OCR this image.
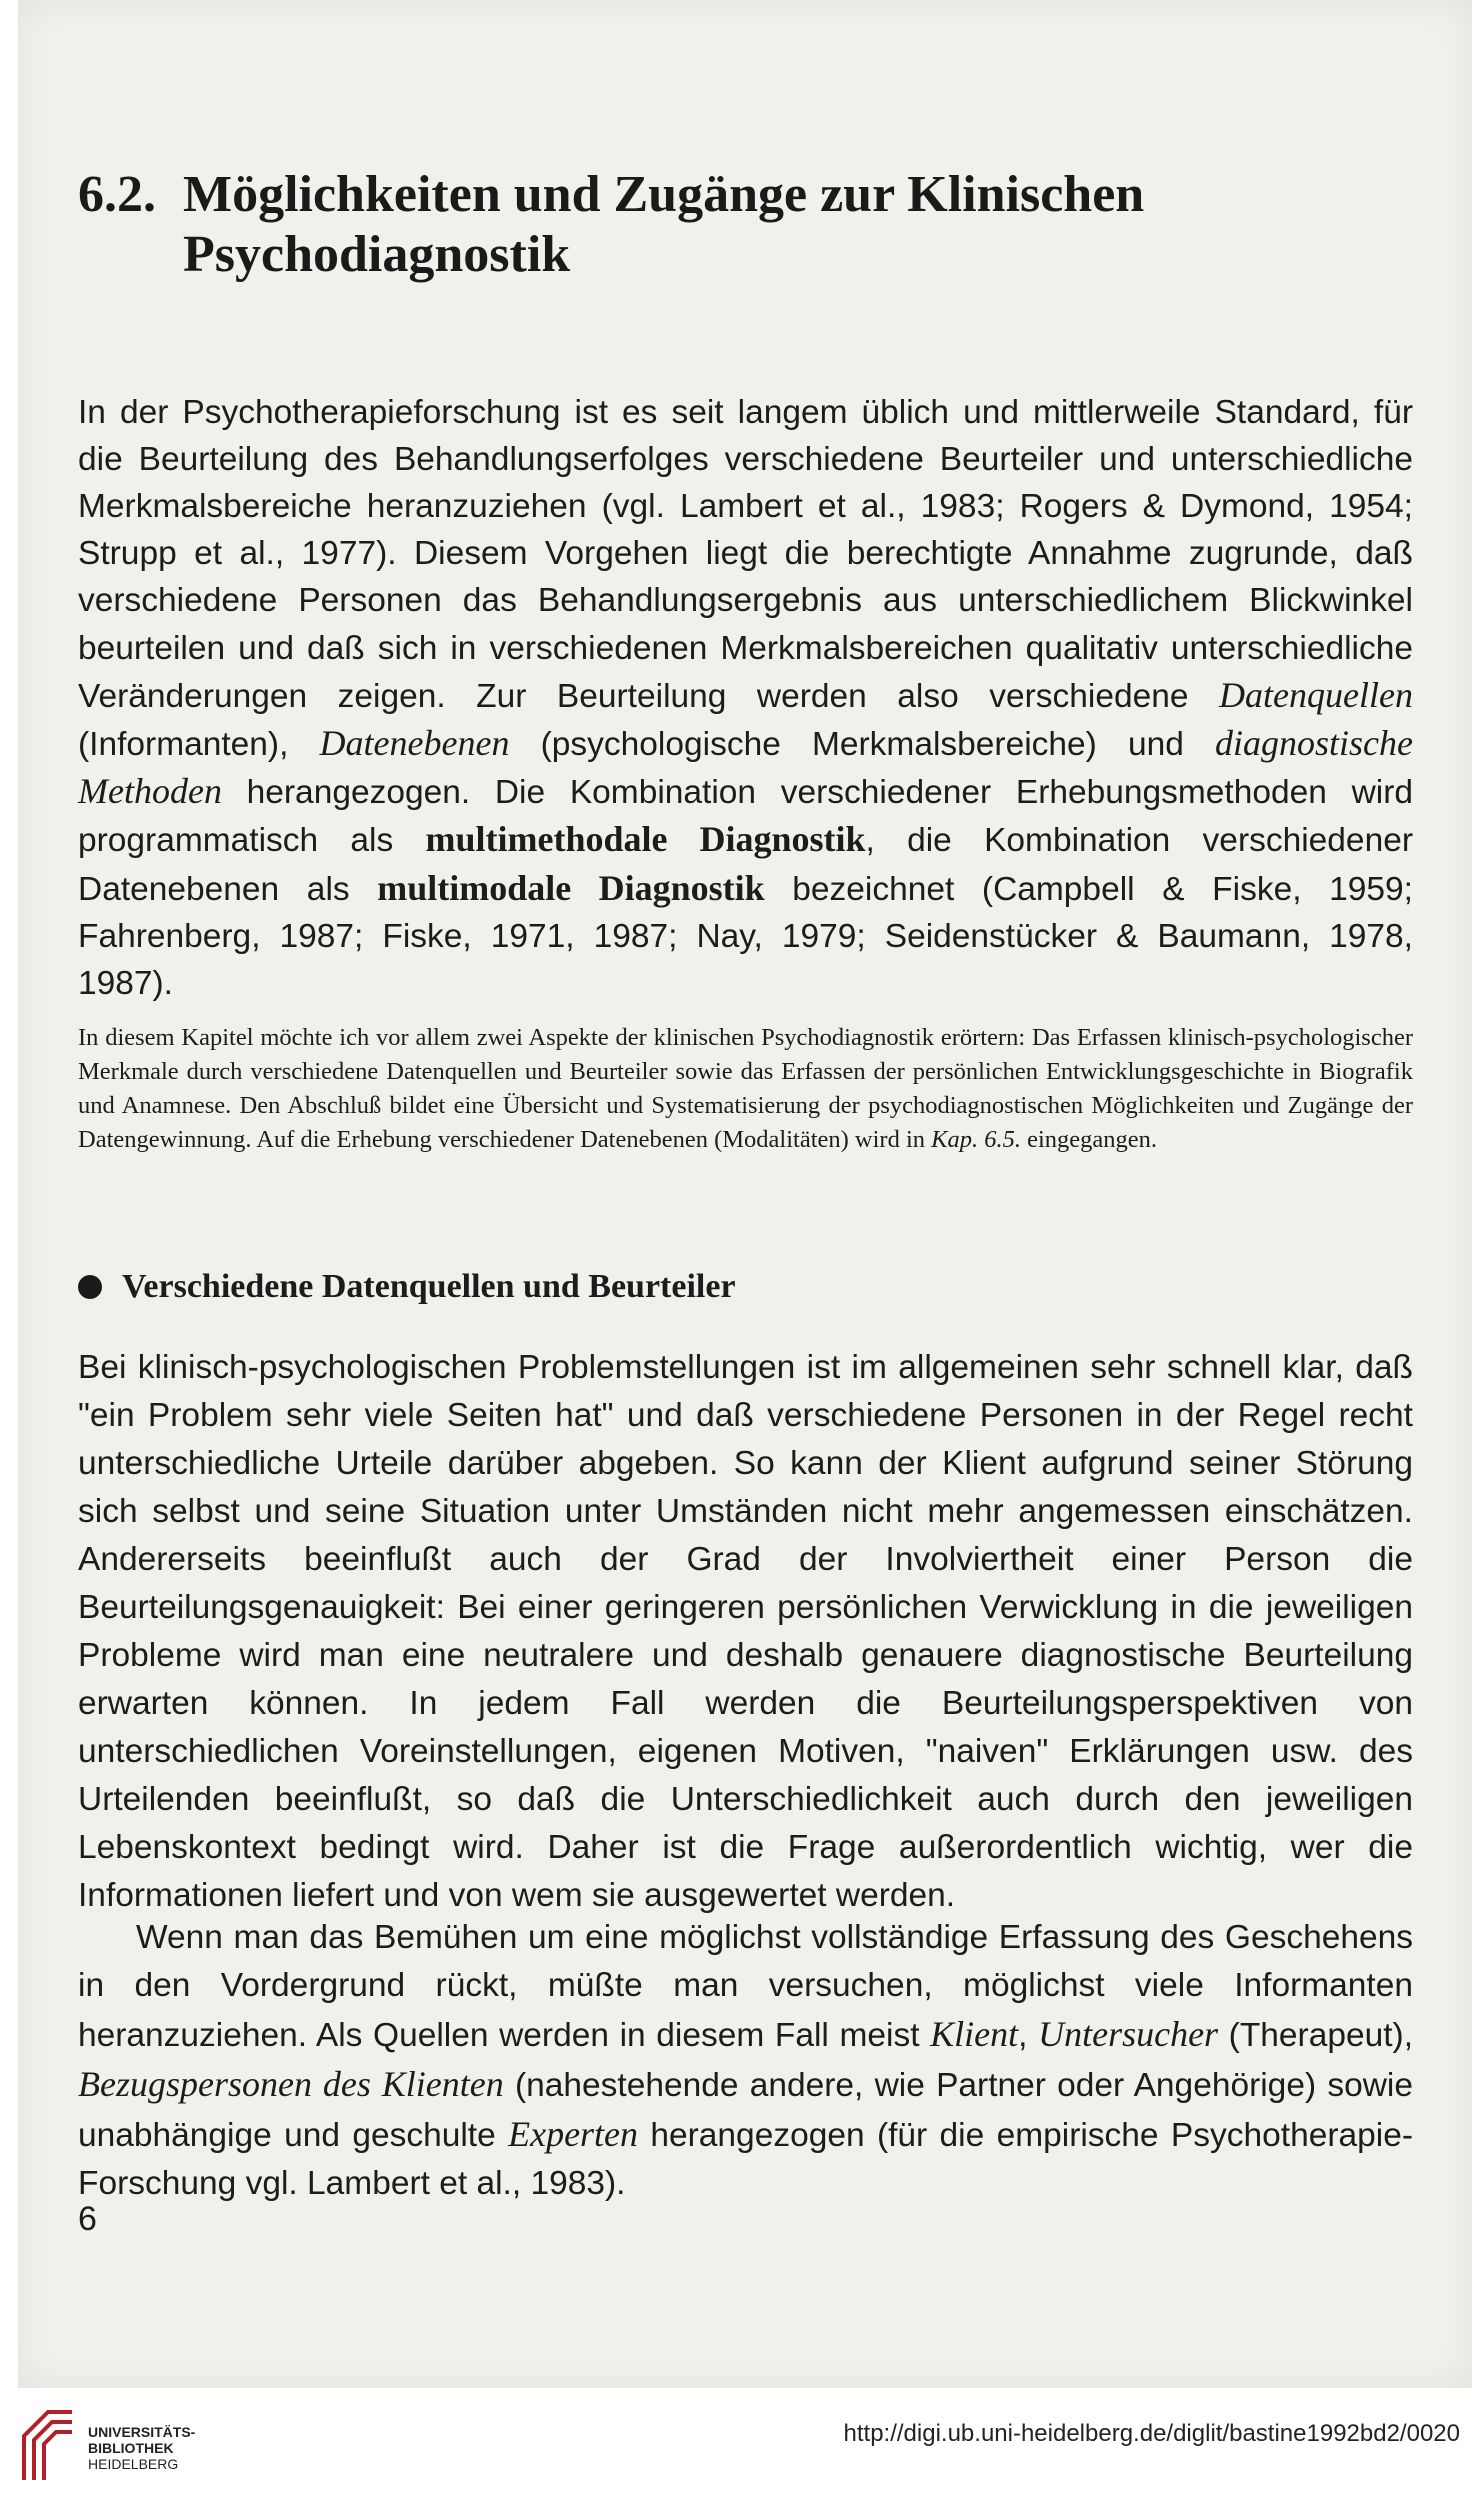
6.2. Möglichkeiten und Zugänge zur Klinischen
Psychodiagnostik

In der Psychotherapieforschung ist es seit langem üblich und mittlerweile Standard, für die Beurteilung des Behandlungserfolges verschiedene Beurteiler und unterschiedliche Merkmalsbereiche heranzuziehen (vgl. Lambert et al., 1983; Rogers & Dymond, 1954; Strupp et al., 1977). Diesem Vorgehen liegt die berechtigte Annahme zugrunde, daß verschiedene Personen das Behandlungsergebnis aus unterschiedlichem Blickwinkel beurteilen und daß sich in verschiedenen Merkmalsbereichen qualitativ unterschiedliche Veränderungen zeigen. Zur Beurteilung werden also verschiedene Datenquellen (Informanten), Datenebenen (psychologische Merkmalsbereiche) und diagnostische Methoden herangezogen. Die Kombination verschiedener Erhebungsmethoden wird programmatisch als multimethodale Diagnostik, die Kombination verschiedener Datenebenen als multimodale Diagnostik bezeichnet (Campbell & Fiske, 1959; Fahrenberg, 1987; Fiske, 1971, 1987; Nay, 1979; Seidenstücker & Baumann, 1978, 1987).

In diesem Kapitel möchte ich vor allem zwei Aspekte der klinischen Psychodiagnostik erörtern: Das Erfassen klinisch-psychologischer Merkmale durch verschiedene Datenquellen und Beurteiler sowie das Erfassen der persönlichen Entwicklungsgeschichte in Biografik und Anamnese. Den Abschluß bildet eine Übersicht und Systematisierung der psychodiagnostischen Möglichkeiten und Zugänge der Datengewinnung. Auf die Erhebung verschiedener Datenebenen (Modalitäten) wird in Kap. 6.5. eingegangen.

Verschiedene Datenquellen und Beurteiler

Bei klinisch-psychologischen Problemstellungen ist im allgemeinen sehr schnell klar, daß "ein Problem sehr viele Seiten hat" und daß verschiedene Personen in der Regel recht unterschiedliche Urteile darüber abgeben. So kann der Klient aufgrund seiner Störung sich selbst und seine Situation unter Umständen nicht mehr angemessen einschätzen. Andererseits beeinflußt auch der Grad der Involviertheit einer Person die Beurteilungsgenauigkeit: Bei einer geringeren persönlichen Verwicklung in die jeweiligen Probleme wird man eine neutralere und deshalb genauere diagnostische Beurteilung erwarten können. In jedem Fall werden die Beurteilungsperspektiven von unterschiedlichen Voreinstellungen, eigenen Motiven, "naiven" Erklärungen usw. des Urteilenden beeinflußt, so daß die Unterschiedlichkeit auch durch den jeweiligen Lebenskontext bedingt wird. Daher ist die Frage außerordentlich wichtig, wer die Informationen liefert und von wem sie ausgewertet werden.

Wenn man das Bemühen um eine möglichst vollständige Erfassung des Geschehens in den Vordergrund rückt, müßte man versuchen, möglichst viele Informanten heranzuziehen. Als Quellen werden in diesem Fall meist Klient, Untersucher (Therapeut), Bezugspersonen des Klienten (nahestehende andere, wie Partner oder Angehörige) sowie unabhängige und geschulte Experten herangezogen (für die empirische Psychotherapie-Forschung vgl. Lambert et al., 1983).

6
UNIVERSITÄTS-
BIBLIOTHEK
HEIDELBERG
http://digi.ub.uni-heidelberg.de/diglit/bastine1992bd2/0020
